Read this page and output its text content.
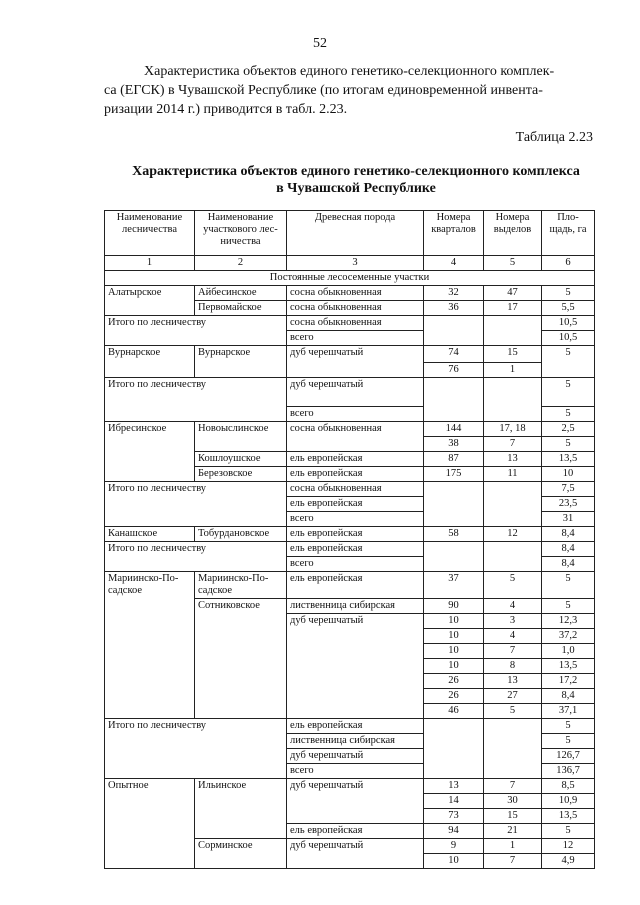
52
Характеристика объектов единого генетико-селекционного комплек-
са (ЕГСК) в Чувашской Республике (по итогам единовременной инвента-
ризации 2014 г.) приводится в табл. 2.23.
Таблица 2.23
Характеристика объектов единого генетико-селекционного комплекса
в Чувашской Республике
Наименование лесничества	Наименование участкового лес-ничества	Древесная порода	Номера кварталов	Номера выделов	Пло-щадь, га
1	2	3	4	5	6
Постоянные лесосеменные участки					
Алатырское	Айбесинское	сосна обыкновенная	32	47	5
	Первомайское	сосна обыкновенная	36	17	5,5
Итого по лесничеству		сосна обыкновенная			10,5
		всего			10,5
Вурнарское	Вурнарское	дуб черешчатый	74	15	5
			76	1	
Итого по лесничеству		дуб черешчатый			5
		всего			5
Ибресинское	Новоыслинское	сосна обыкновенная	144	17, 18	2,5
			38	7	5
	Кошлоушское	ель европейская	87	13	13,5
	Березовское	ель европейская	175	11	10
Итого по лесничеству		сосна обыкновенная			7,5
		ель европейская			23,5
		всего			31
Канашское	Тобурдановское	ель европейская	58	12	8,4
Итого по лесничеству		ель европейская			8,4
		всего			8,4
Мариинско-По-садское	Мариинско-По-садское	ель европейская	37	5	5
	Сотниковское	лиственница сибирская	90	4	5
		дуб черешчатый	10	3	12,3
			10	4	37,2
			10	7	1,0
			10	8	13,5
			26	13	17,2
			26	27	8,4
			46	5	37,1
Итого по лесничеству		ель европейская			5
		лиственница сибирская			5
		дуб черешчатый			126,7
		всего			136,7
Опытное	Ильинское	дуб черешчатый	13	7	8,5
			14	30	10,9
			73	15	13,5
		ель европейская	94	21	5
	Сорминское	дуб черешчатый	9	1	12
			10	7	4,9
